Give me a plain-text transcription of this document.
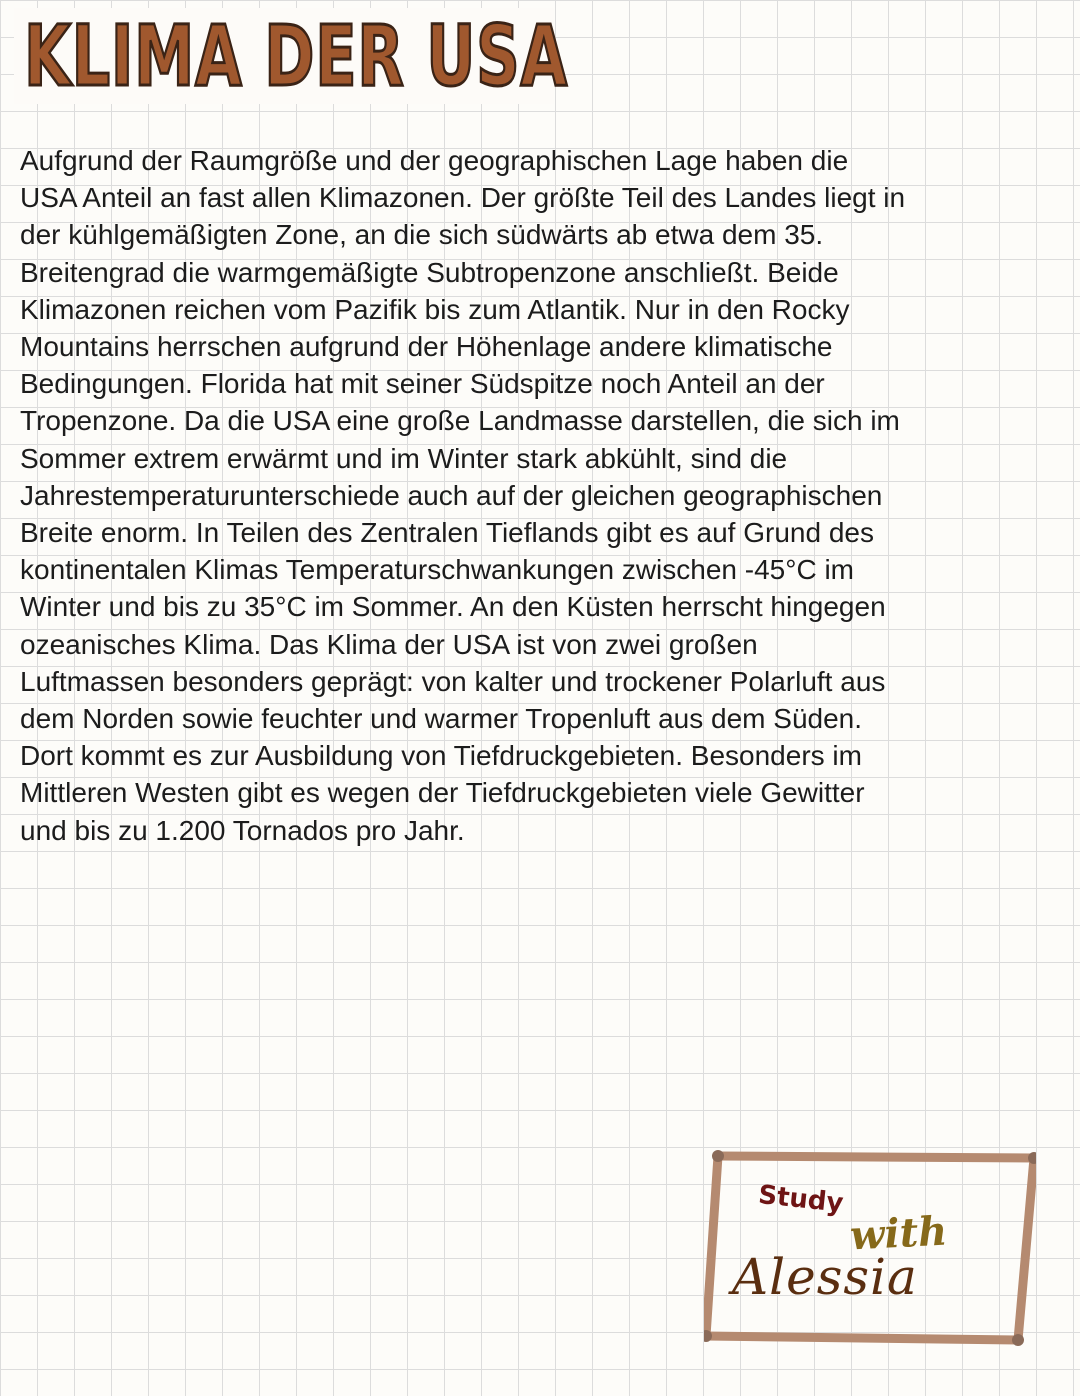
KLIMA DER USA

Aufgrund der Raumgröße und der geographischen Lage haben die
USA Anteil an fast allen Klimazonen. Der größte Teil des Landes liegt in
der kühlgemäßigten Zone, an die sich südwärts ab etwa dem 35.
Breitengrad die warmgemäßigte Subtropenzone anschließt. Beide
Klimazonen reichen vom Pazifik bis zum Atlantik. Nur in den Rocky
Mountains herrschen aufgrund der Höhenlage andere klimatische
Bedingungen. Florida hat mit seiner Südspitze noch Anteil an der
Tropenzone. Da die USA eine große Landmasse darstellen, die sich im
Sommer extrem erwärmt und im Winter stark abkühlt, sind die
Jahrestemperaturunterschiede auch auf der gleichen geographischen
Breite enorm. In Teilen des Zentralen Tieflands gibt es auf Grund des
kontinentalen Klimas Temperaturschwankungen zwischen -45°C im
Winter und bis zu 35°C im Sommer. An den Küsten herrscht hingegen
ozeanisches Klima. Das Klima der USA ist von zwei großen
Luftmassen besonders geprägt: von kalter und trockener Polarluft aus
dem Norden sowie feuchter und warmer Tropenluft aus dem Süden.
Dort kommt es zur Ausbildung von Tiefdruckgebieten. Besonders im
Mittleren Westen gibt es wegen der Tiefdruckgebieten viele Gewitter
und bis zu 1.200 Tornados pro Jahr.

Study
with
Alessia
